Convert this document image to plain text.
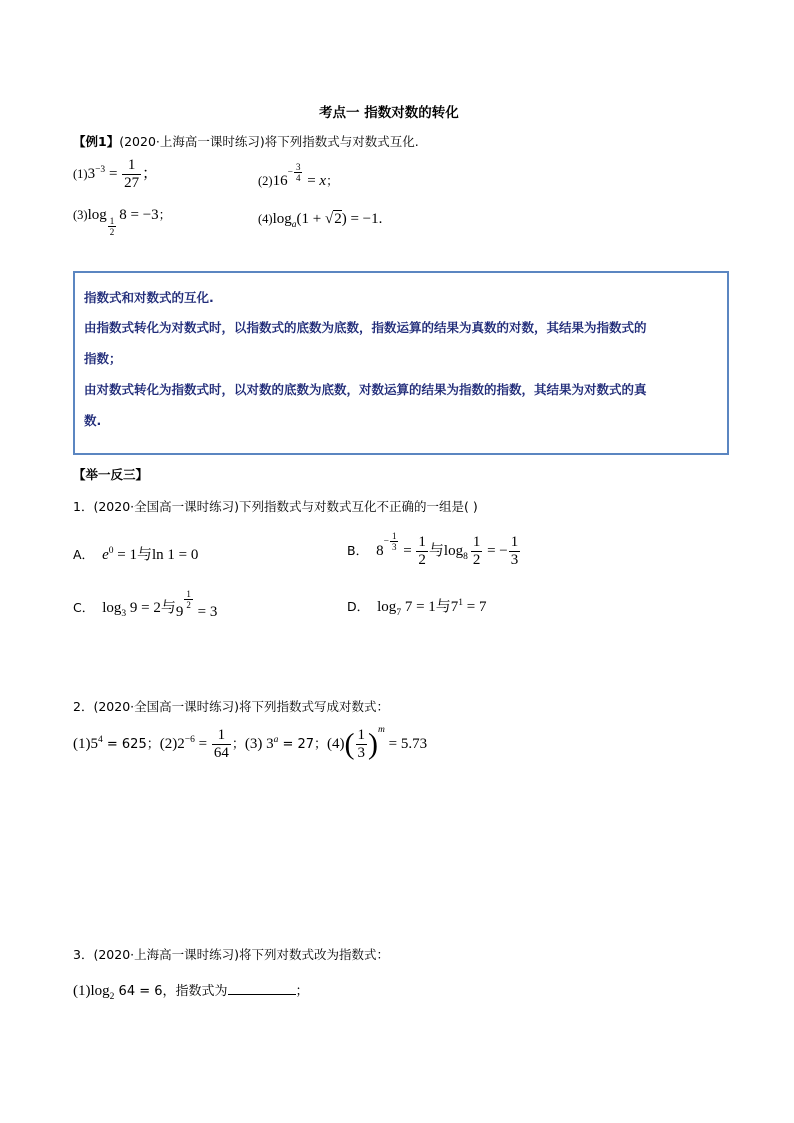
考点一 指数对数的转化
【例1】(2020·上海高一课时练习)将下列指数式与对数式互化.
$(1)3^{-3} = \frac{1}{27}$ ；	$(2)16^{- \frac{3}{4}} = x$；
(3)log
$_{\frac{1}{2}}$
8 = −3；	$(4)\log_a(1 + √2) = -1$.
指数式和对数式的互化.
由指数式转化为对数式时，以指数式的底数为底数，指数运算的结果为真数的对数，其结果为指数式的
指数；
由对数式转化为指数式时，以对数的底数为底数，对数运算的结果为指数的指数，其结果为对数式的真
数.
【举一反三】
1．(2020·全国高一课时练习)下列指数式与对数式互化不正确的一组是( )
A． $e^0 = 1$与ln 1 = 0	B． $8^{- \frac{1}{3}} = \frac{1}{2}$ 与$\log_8 \frac{1}{2}$ = − $\frac{1}{3}$
C． $\log_3 9 = 2$与9
$^{\frac{1}{2}}$
= 3	D． $\log_7 7 = 1$与$7^1 = 7$
2．(2020·全国高一课时练习)将下列指数式写成对数式：
$(1)5^4 = 625$；$(2)2^{-6} = \frac{1}{64}$ ；(3) $3^a = 27$；$(4)( \frac{1}{3} )^m = 5.73$
3．(2020·上海高一课时练习)将下列对数式改为指数式：
$(1)\log_2$ 64 = 6，指数式为	；
